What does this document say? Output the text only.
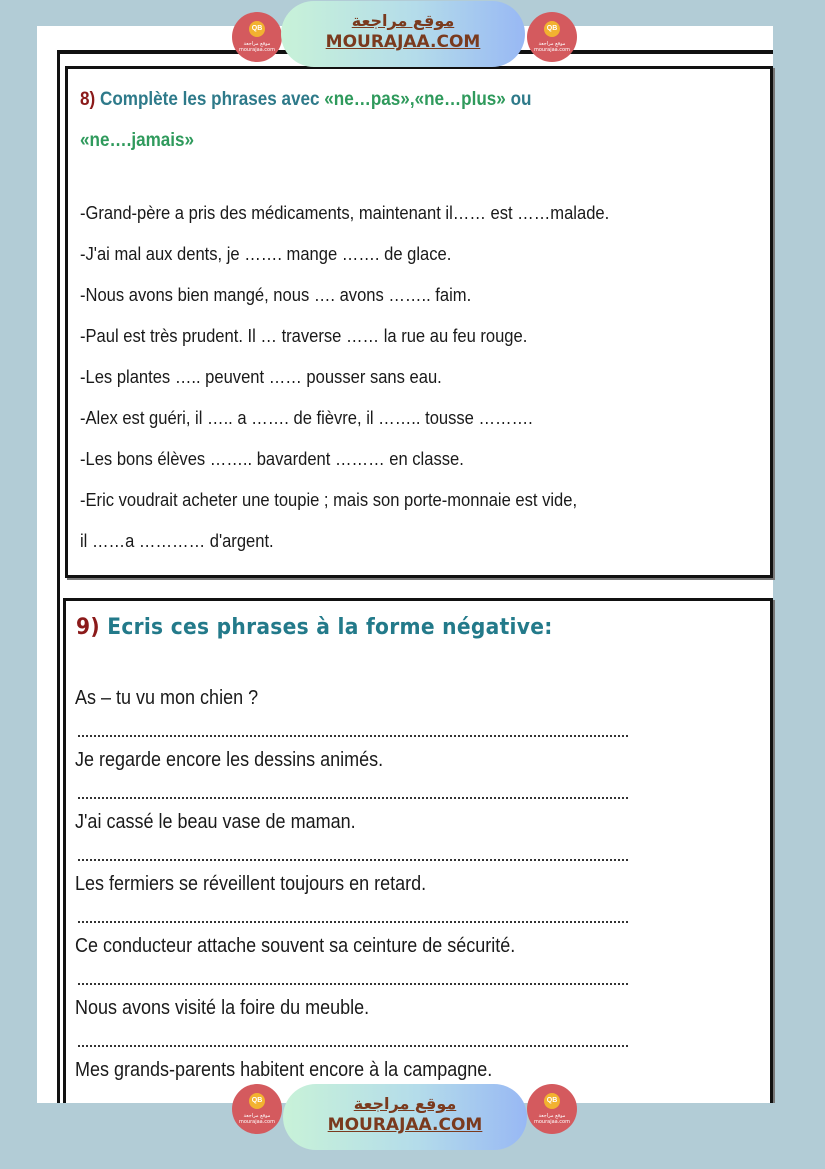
8) Complète les phrases avec «ne…pas»,«ne…plus» ou
«ne….jamais»
-Grand-père a pris des médicaments, maintenant il…… est ……malade.
-J'ai mal aux dents, je ……. mange ……. de glace.
-Nous avons bien mangé, nous …. avons …….. faim.
-Paul est très prudent. Il … traverse …… la rue au feu rouge.
-Les plantes ….. peuvent …… pousser sans eau.
-Alex est guéri, il ….. a ……. de fièvre, il …….. tousse ……….
-Les bons élèves …….. bavardent ……… en classe.
-Eric voudrait acheter une toupie ; mais son porte-monnaie est vide,
il ……a ………… d'argent.
9) Ecris ces phrases à la forme négative:
As – tu vu mon chien ?
Je regarde encore les dessins animés.
J'ai cassé le beau vase de maman.
Les fermiers se réveillent toujours en retard.
Ce conducteur attache souvent sa ceinture de sécurité.
Nous avons visité la foire du meuble.
Mes grands-parents habitent encore à la campagne.
QB
موقع مراجعة
mourajaa.com
موقع مراجعة
MOURAJAA.COM
QB
موقع مراجعة
mourajaa.com
QB
موقع مراجعة
mourajaa.com
موقع مراجعة
MOURAJAA.COM
QB
موقع مراجعة
mourajaa.com
